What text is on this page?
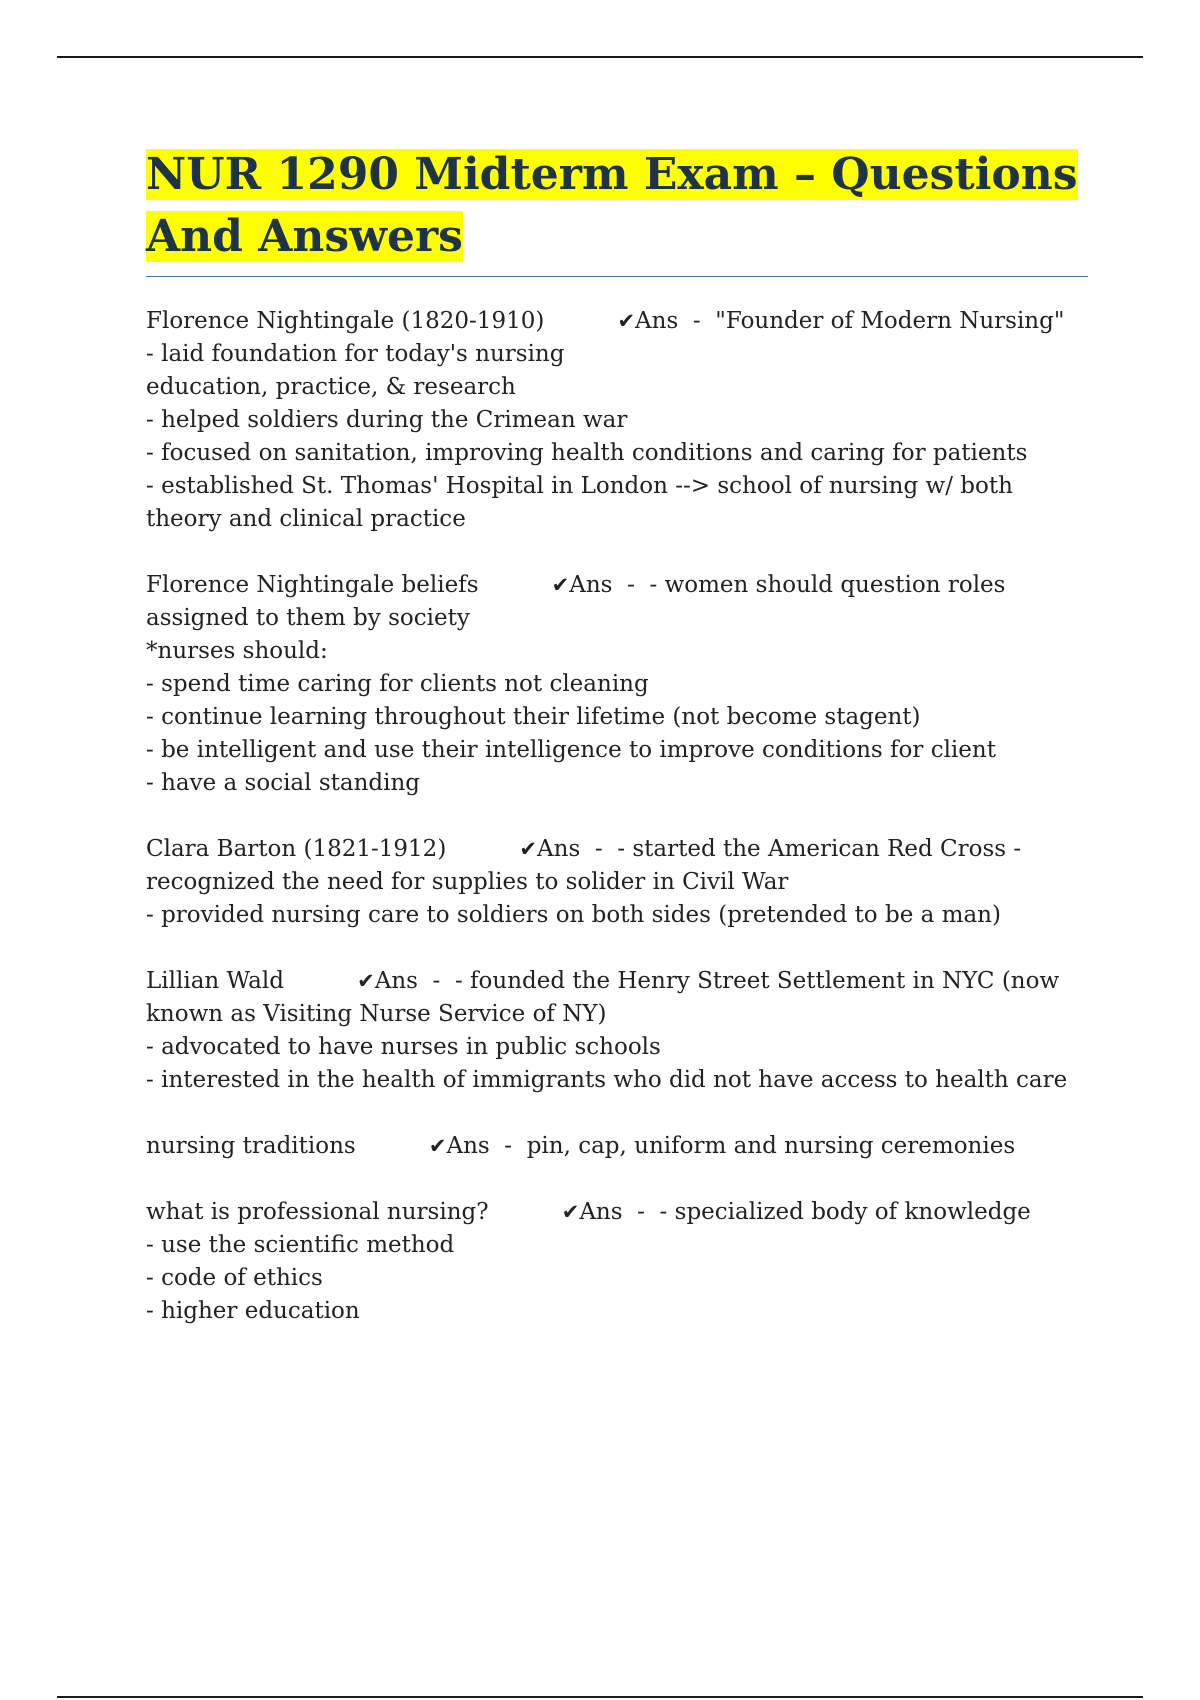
NUR 1290 Midterm Exam – Questions
And Answers

Florence Nightingale (1820-1910)	✔Ans  -  "Founder of Modern Nursing"
- laid foundation for today's nursing
education, practice, & research
- helped soldiers during the Crimean war
- focused on sanitation, improving health conditions and caring for patients
- established St. Thomas' Hospital in London --> school of nursing w/ both theory and clinical practice

Florence Nightingale beliefs	✔Ans  -  - women should question roles assigned to them by society
*nurses should:
- spend time caring for clients not cleaning
- continue learning throughout their lifetime (not become stagent)
- be intelligent and use their intelligence to improve conditions for client
- have a social standing

Clara Barton (1821-1912)	✔Ans  -  - started the American Red Cross - recognized the need for supplies to solider in Civil War
- provided nursing care to soldiers on both sides (pretended to be a man)

Lillian Wald	✔Ans  -  - founded the Henry Street Settlement in NYC (now known as Visiting Nurse Service of NY)
- advocated to have nurses in public schools
- interested in the health of immigrants who did not have access to health care

nursing traditions	✔Ans  -  pin, cap, uniform and nursing ceremonies

what is professional nursing?	✔Ans  -  - specialized body of knowledge
- use the scientific method
- code of ethics
- higher education
